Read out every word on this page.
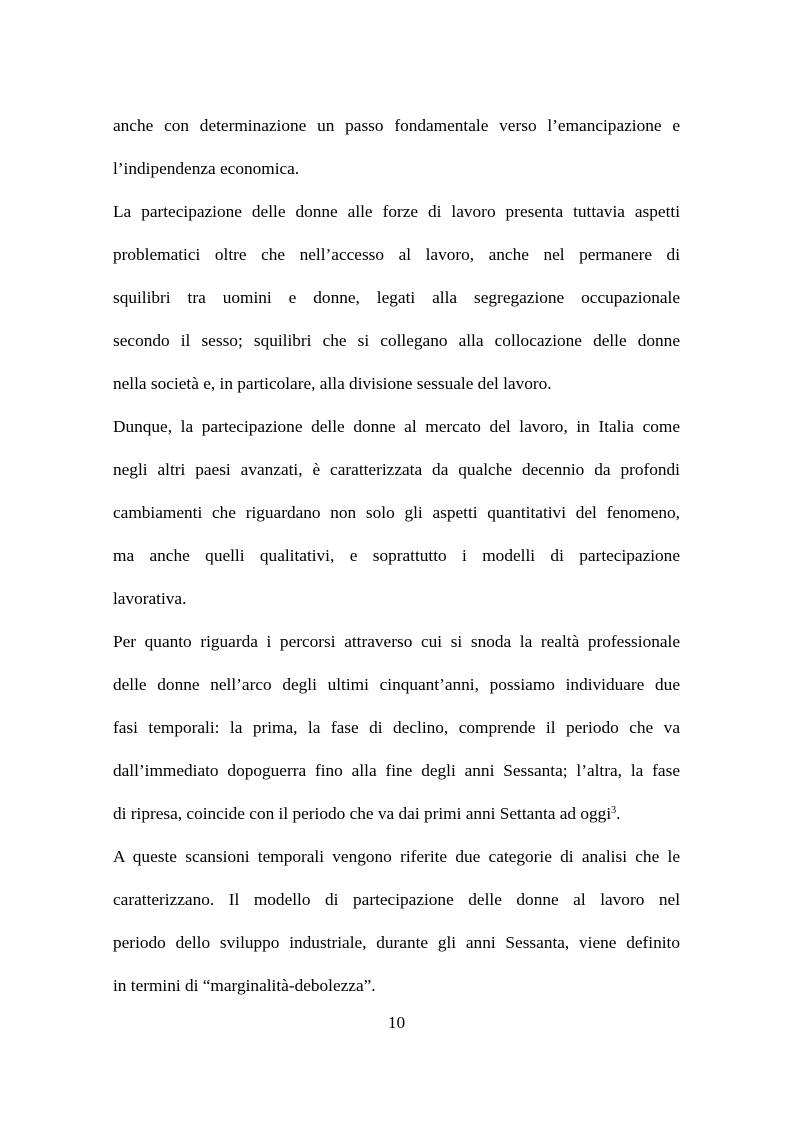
anche con determinazione un passo fondamentale verso l’emancipazione e
l’indipendenza economica.

La partecipazione delle donne alle forze di lavoro presenta tuttavia aspetti
problematici oltre che nell’accesso al lavoro, anche nel permanere di
squilibri tra uomini e donne, legati alla segregazione occupazionale
secondo il sesso; squilibri che si collegano alla collocazione delle donne
nella società e, in particolare, alla divisione sessuale del lavoro.

Dunque, la partecipazione delle donne al mercato del lavoro, in Italia come
negli altri paesi avanzati, è caratterizzata da qualche decennio da profondi
cambiamenti che riguardano non solo gli aspetti quantitativi del fenomeno,
ma anche quelli qualitativi, e soprattutto i modelli di partecipazione
lavorativa.

Per quanto riguarda i percorsi attraverso cui si snoda la realtà professionale
delle donne nell’arco degli ultimi cinquant’anni, possiamo individuare due
fasi temporali: la prima, la fase di declino, comprende il periodo che va
dall’immediato dopoguerra fino alla fine degli anni Sessanta; l’altra, la fase
di ripresa, coincide con il periodo che va dai primi anni Settanta ad oggi$^3$.

A queste scansioni temporali vengono riferite due categorie di analisi che le
caratterizzano. Il modello di partecipazione delle donne al lavoro nel
periodo dello sviluppo industriale, durante gli anni Sessanta, viene definito
in termini di “marginalità-debolezza”.

10
